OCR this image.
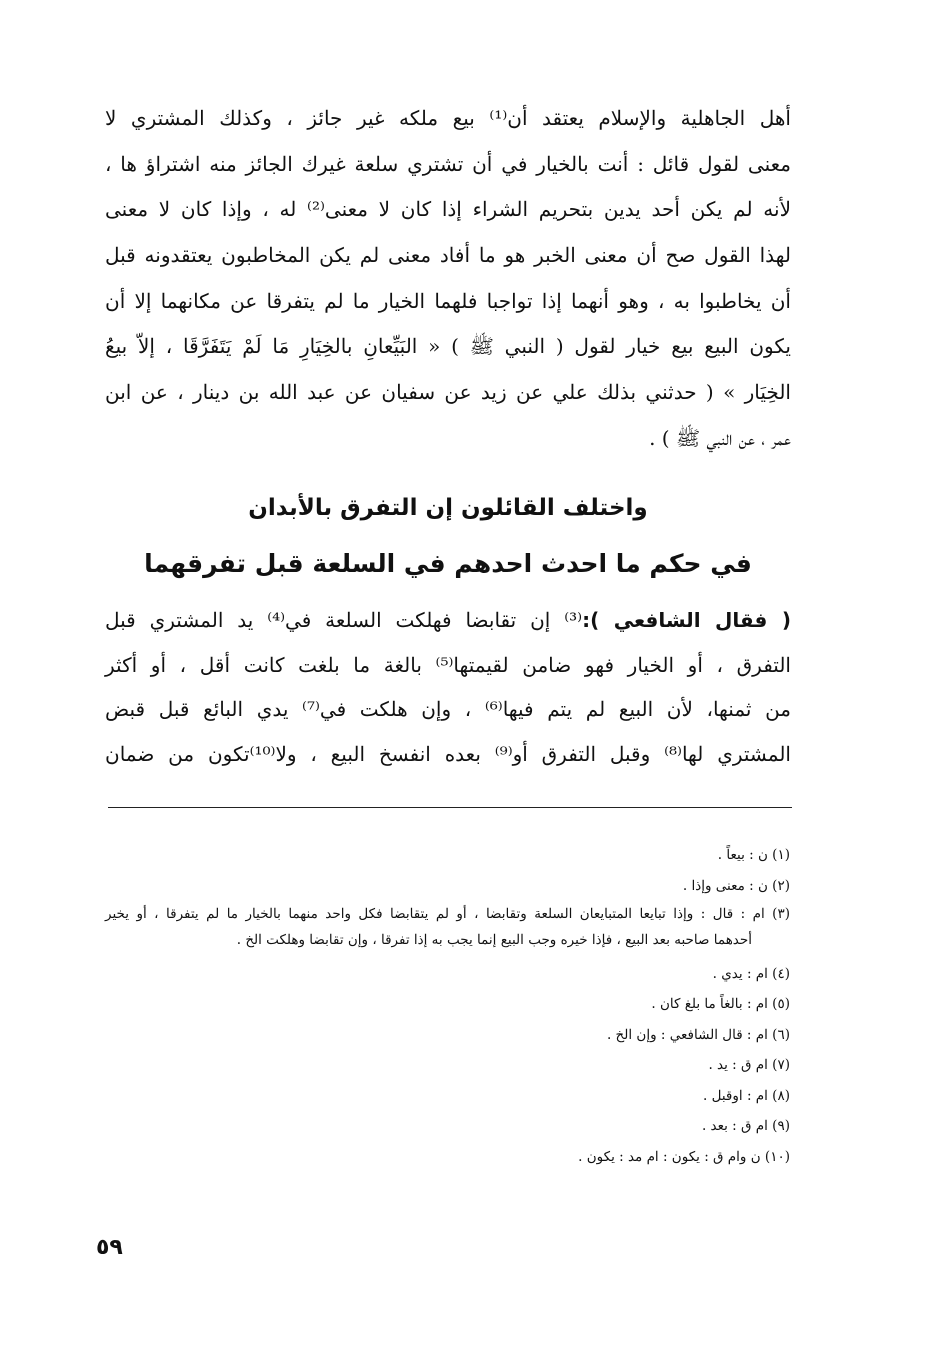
أهل الجاهلية والإسلام يعتقد أن⁽¹⁾ بيع ملكه غير جائز ، وكذلك المشتري لا
معنى لقول قائل : أنت بالخيار في أن تشتري سلعة غيرك الجائز منه اشتراؤ ها ،
لأنه لم يكن أحد يدين بتحريم الشراء إذا كان لا معنى⁽²⁾ له ، وإذا كان لا معنى
لهذا القول صح أن معنى الخبر هو ما أفاد معنى لم يكن المخاطبون يعتقدونه قبل
أن يخاطبوا به ، وهو أنهما إذا تواجبا فلهما الخيار ما لم يتفرقا عن مكانهما إلا أن
يكون البيع بيع خيار لقول ( النبي ﷺ ) « البَيِّعانِ بالخِيَارِ مَا لَمْ يَتَفَرَّقَا ، إلاّ بيعُ
الخِيَار » ( حدثني بذلك علي عن زيد عن سفيان عن عبد الله بن دينار ، عن ابن
عمر ، عن النبي ﷺ ) .
واختلف القائلون إن التفرق بالأبدان
في حكم ما احدث احدهم في السلعة قبل تفرقهما
( فقال الشافعي ):⁽³⁾ إن تقابضا فهلكت السلعة في⁽⁴⁾ يد المشتري قبل
التفرق ، أو الخيار فهو ضامن لقيمتها⁽⁵⁾ بالغة ما بلغت كانت أقل ، أو أكثر
من ثمنها، لأن البيع لم يتم فيها⁽⁶⁾ ، وإن هلكت في⁽⁷⁾ يدي البائع قبل قبض
المشتري لها⁽⁸⁾ وقبل التفرق أو⁽⁹⁾ بعده انفسخ البيع ، ولا⁽¹⁰⁾تكون من ضمان
(١) ن : بيعاً .
(٢) ن : معنى وإذا .
(٣) ام : قال : وإذا تبايعا المتبايعان السلعة وتقابضا ، أو لم يتقابضا فكل واحد منهما بالخيار ما لم يتفرقا ، أو يخير
أحدهما صاحبه بعد البيع ، فإذا خيره وجب البيع إنما يجب به إذا تفرقا ، وإن تقابضا وهلكت الخ .
(٤) ام : يدي .
(٥) ام : بالغاً ما بلغ كان .
(٦) ام : قال الشافعي : وإن الخ .
(٧) ام ق : يد .
(٨) ام : اوقبل .
(٩) ام ق : بعد .
(١٠) ن وام ق : يكون : ام مد : يكون .
٥٩
